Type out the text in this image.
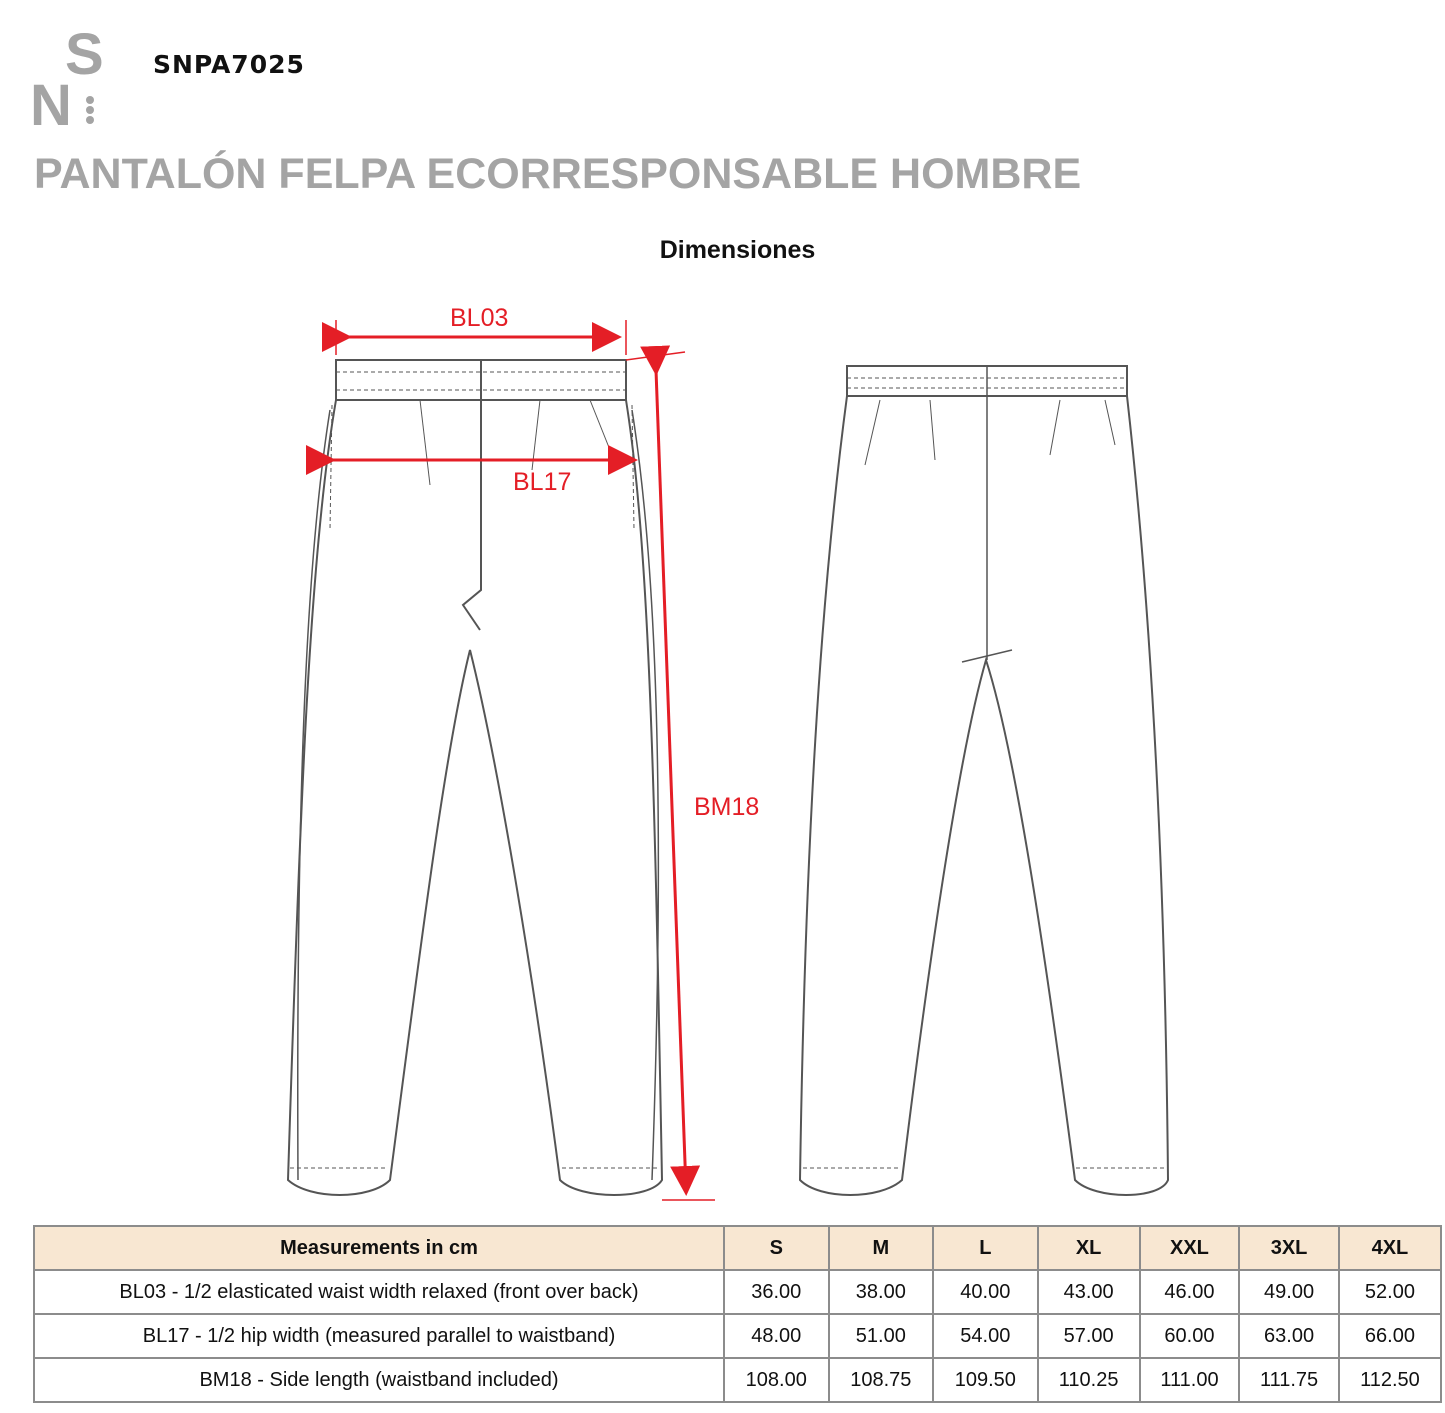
S
N
SNPA7025
PANTALÓN FELPA ECORRESPONSABLE HOMBRE
Dimensiones
BL03
BL17
BM18
Measurements in cm	S	M	L	XL	XXL	3XL	4XL
BL03 - 1/2 elasticated waist width relaxed (front over back)	36.00	38.00	40.00	43.00	46.00	49.00	52.00
BL17 - 1/2 hip width (measured parallel to waistband)	48.00	51.00	54.00	57.00	60.00	63.00	66.00
BM18 - Side length (waistband included)	108.00	108.75	109.50	110.25	111.00	111.75	112.50
